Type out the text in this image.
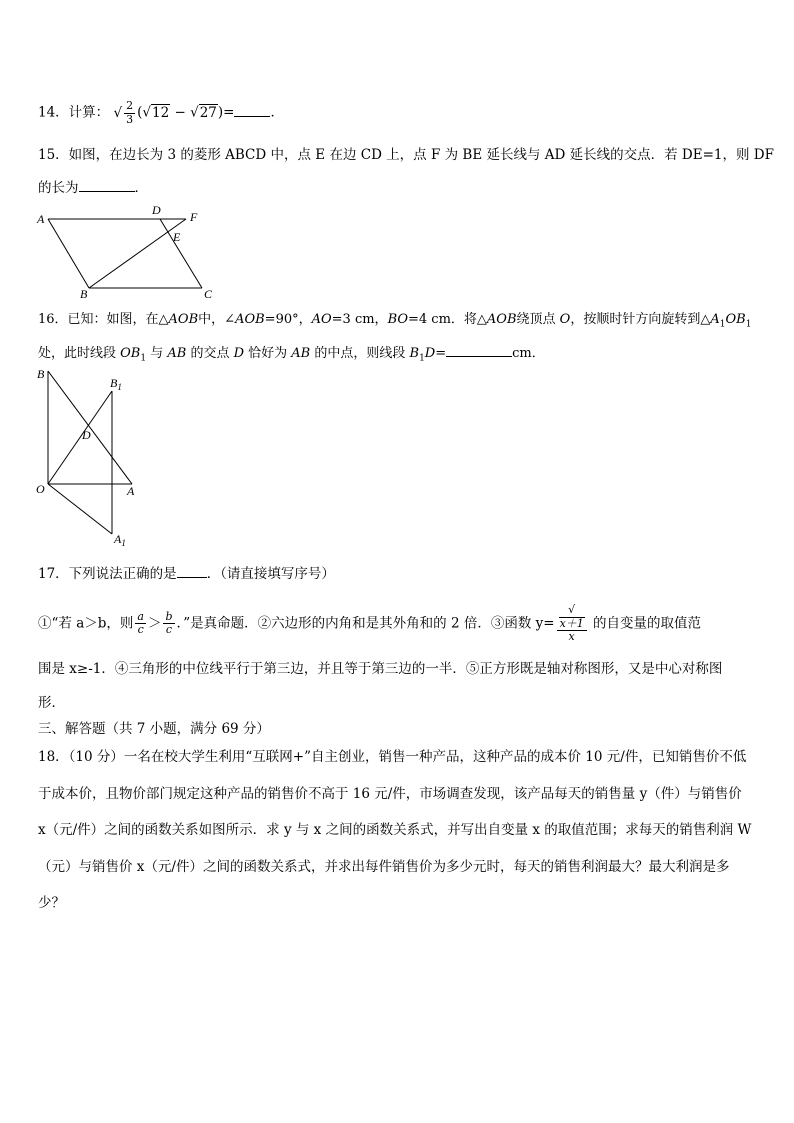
14．计算： √ $\frac{2}{3} (√12 - √27)=$	．
15．如图，在边长为 3 的菱形 ABCD 中，点 E 在边 CD 上，点 F 为 BE 延长线与 AD 延长线的交点．若 DE=1，则 DF
的长为	．
A
D F
E
B	C
16．已知：如图，在△AOB中，∠AOB=90°，AO=3 cm，BO=4 cm．将△AOB绕顶点 O，按顺时针方向旋转到$\triangle A_1OB_1$
处，此时线段 $OB_1$ 与 AB 的交点 D 恰好为 AB 的中点，则线段 $B_1D=$	cm．
B
$B_1$
D
O	A
$A_1$
17．下列说法正确的是 ．（请直接填写序号）
①“若 a＞b，则 $\frac{a}{c} > \frac{b}{c}$ ．”是真命题．②六边形的内角和是其外角和的 2 倍．③函数 y= √
x＋1
x 的自变量的取值范
围是 x≥-1．④三角形的中位线平行于第三边，并且等于第三边的一半．⑤正方形既是轴对称图形，又是中心对称图
形．
三、解答题（共 7 小题，满分 69 分）
18．（10 分）一名在校大学生利用“互联网+”自主创业，销售一种产品，这种产品的成本价 10 元/件，已知销售价不低
于成本价，且物价部门规定这种产品的销售价不高于 16 元/件，市场调查发现，该产品每天的销售量 y（件）与销售价
x（元/件）之间的函数关系如图所示．求 y 与 x 之间的函数关系式，并写出自变量 x 的取值范围；求每天的销售利润 W
（元）与销售价 x（元/件）之间的函数关系式，并求出每件销售价为多少元时，每天的销售利润最大？最大利润是多
少？
